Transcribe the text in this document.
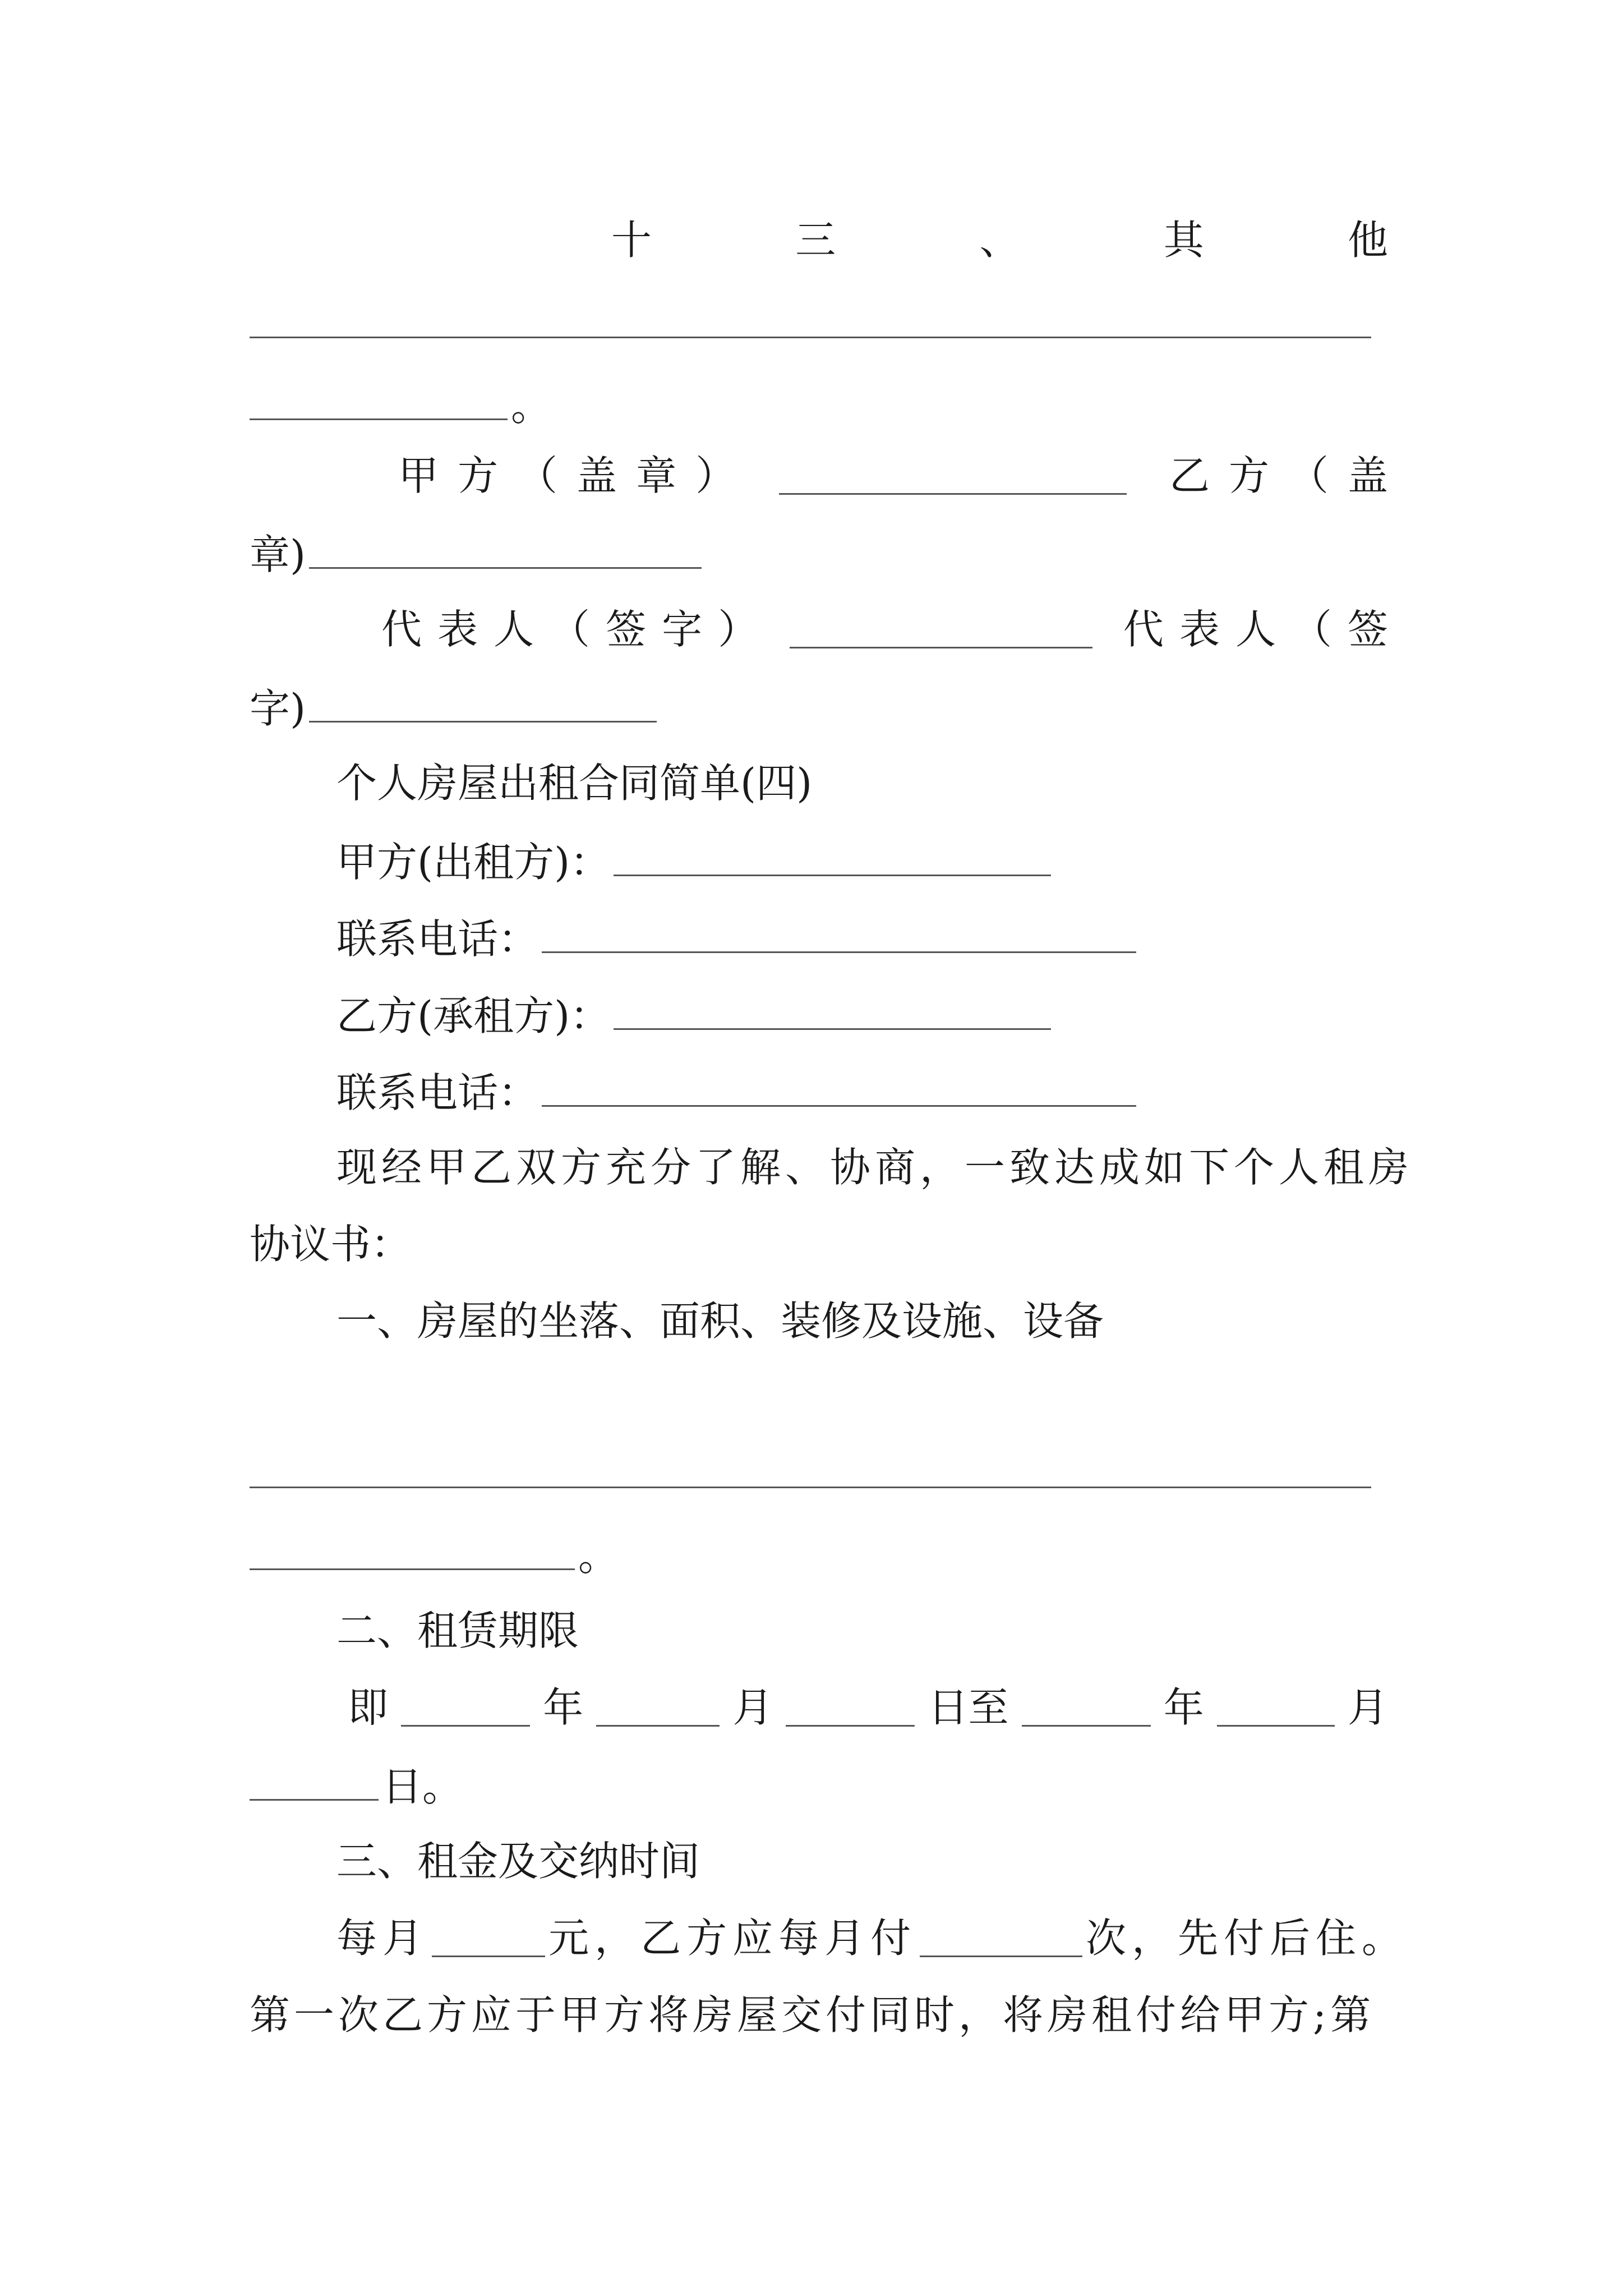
十	三	、	其	他
。
甲 方 （ 盖 章 ）	乙 方 （ 盖
章)
代 表 人 （ 签 字 ）	代 表 人 （ 签
字)
个人房屋出租合同简单(四)
甲方(出租方)：
联系电话：
乙方(承租方)：
联系电话：
现经甲乙双方充分了解、协商，一致达成如下个人租房
协议书：
一、房屋的坐落、面积、装修及设施、设备
。
二、租赁期限
即	年	月	日至	年	月
日。
三、租金及交纳时间
每月	元，乙方应每月付	次，先付后住。
第一次乙方应于甲方将房屋交付同时，将房租付给甲方;第
